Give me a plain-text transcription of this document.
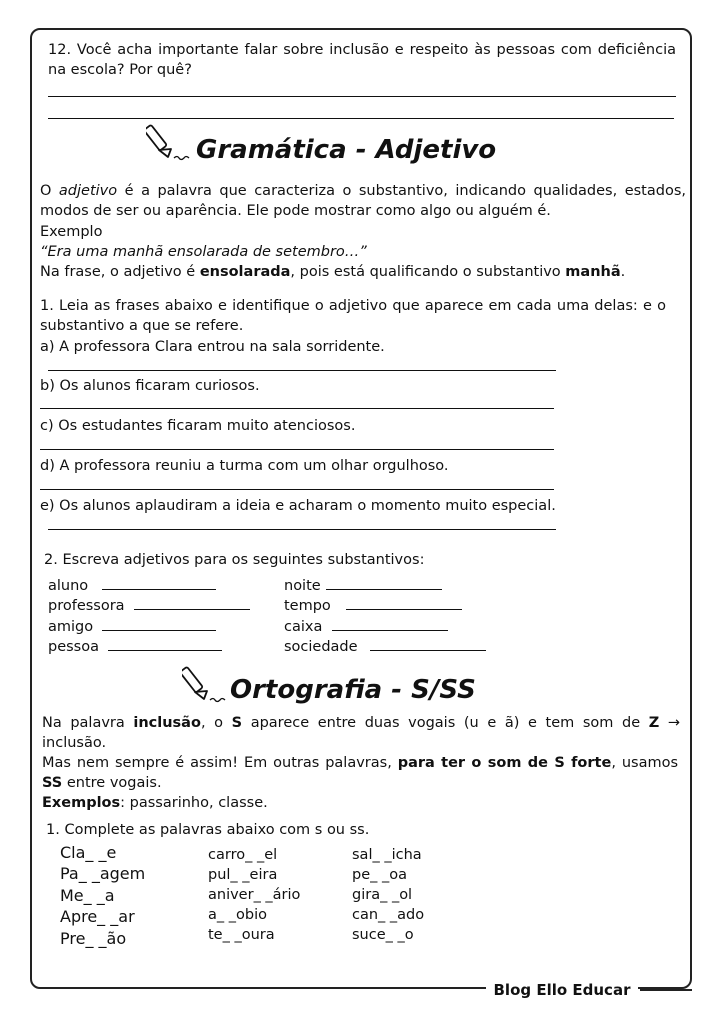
12. Você acha importante falar sobre inclusão e respeito às pessoas com deficiência na escola? Por quê?
Gramática - Adjetivo
O adjetivo é a palavra que caracteriza o substantivo, indicando qualidades, estados, modos de ser ou aparência. Ele pode mostrar como algo ou alguém é.
Exemplo
“Era uma manhã ensolarada de setembro…”
Na frase, o adjetivo é ensolarada, pois está qualificando o substantivo manhã.
1. Leia as frases abaixo e identifique o adjetivo que aparece em cada uma delas: e o substantivo a que se refere.
a) A professora Clara entrou na sala sorridente.
b) Os alunos ficaram curiosos.
c) Os estudantes ficaram muito atenciosos.
d) A professora reuniu a turma com um olhar orgulhoso.
e) Os alunos aplaudiram a ideia e acharam o momento muito especial.
2. Escreva adjetivos para os seguintes substantivos:
aluno
professora
amigo
pessoa
noite
tempo
caixa
sociedade
Ortografia - S/SS
Na palavra inclusão, o S aparece entre duas vogais (u e ã) e tem som de Z → inclusão.
Mas nem sempre é assim! Em outras palavras, para ter o som de S forte, usamos SS entre vogais.
Exemplos: passarinho, classe.
1. Complete as palavras abaixo com s ou ss.
Cla_ _e
Pa_ _agem
Me_ _a
Apre_ _ar
Pre_ _ão
carro_ _el
pul_ _eira
aniver_ _ário
a_ _obio
te_ _oura
sal_ _icha
pe_ _oa
gira_ _ol
can_ _ado
suce_ _o
Blog Ello Educar
